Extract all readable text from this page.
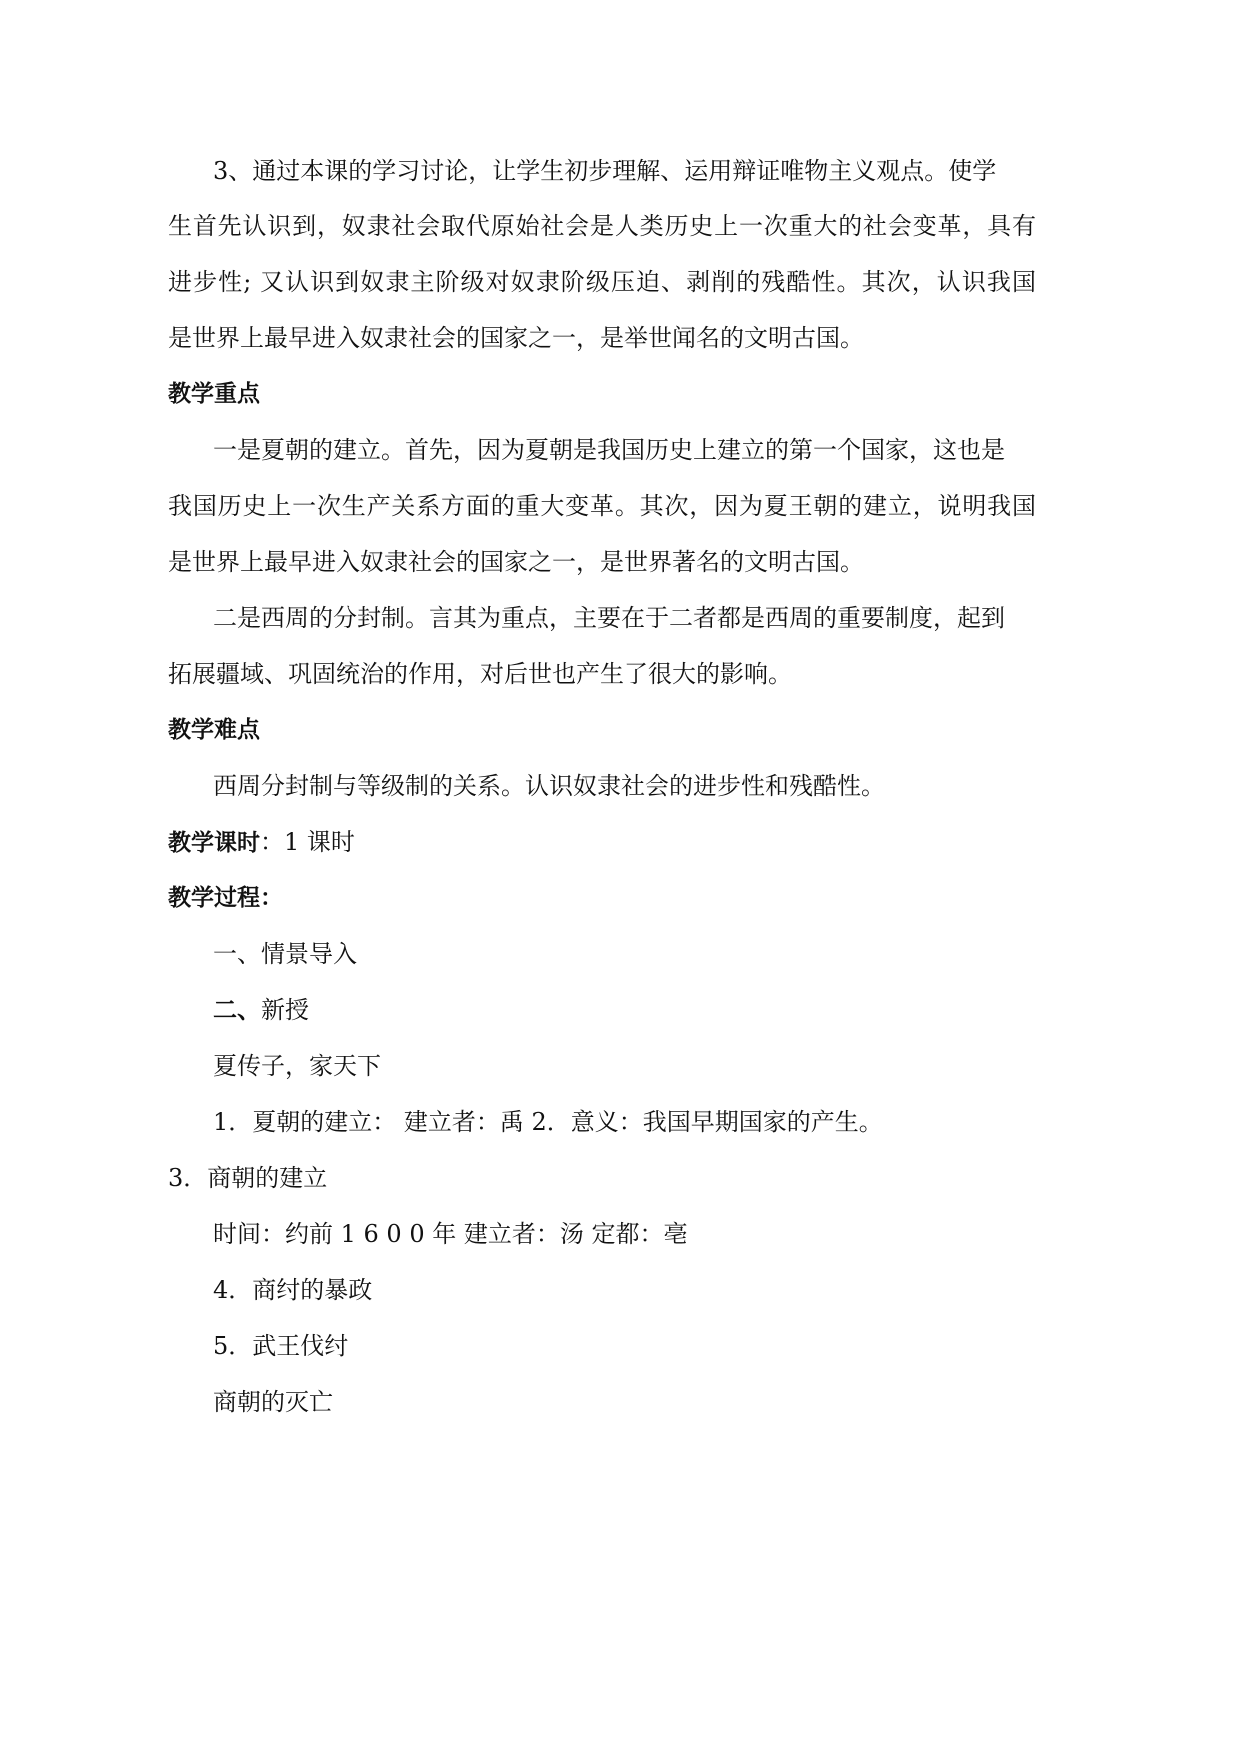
3、通过本课的学习讨论，让学生初步理解、运用辩证唯物主义观点。使学
生首先认识到，奴隶社会取代原始社会是人类历史上一次重大的社会变革，具有
进步性; 又认识到奴隶主阶级对奴隶阶级压迫、剥削的残酷性。其次，认识我国
是世界上最早进入奴隶社会的国家之一，是举世闻名的文明古国。
教学重点
一是夏朝的建立。首先，因为夏朝是我国历史上建立的第一个国家，这也是
我国历史上一次生产关系方面的重大变革。其次，因为夏王朝的建立，说明我国
是世界上最早进入奴隶社会的国家之一，是世界著名的文明古国。
二是西周的分封制。言其为重点，主要在于二者都是西周的重要制度，起到
拓展疆域、巩固统治的作用，对后世也产生了很大的影响。
教学难点
西周分封制与等级制的关系。认识奴隶社会的进步性和残酷性。
教学课时：1 课时
教学过程：
一、情景导入
二、新授
夏传子，家天下
1．夏朝的建立： 建立者：禹 2．意义：我国早期国家的产生。
3．商朝的建立
时间：约前 1 6 0 0 年 建立者：汤 定都：亳
4．商纣的暴政
5．武王伐纣
商朝的灭亡
